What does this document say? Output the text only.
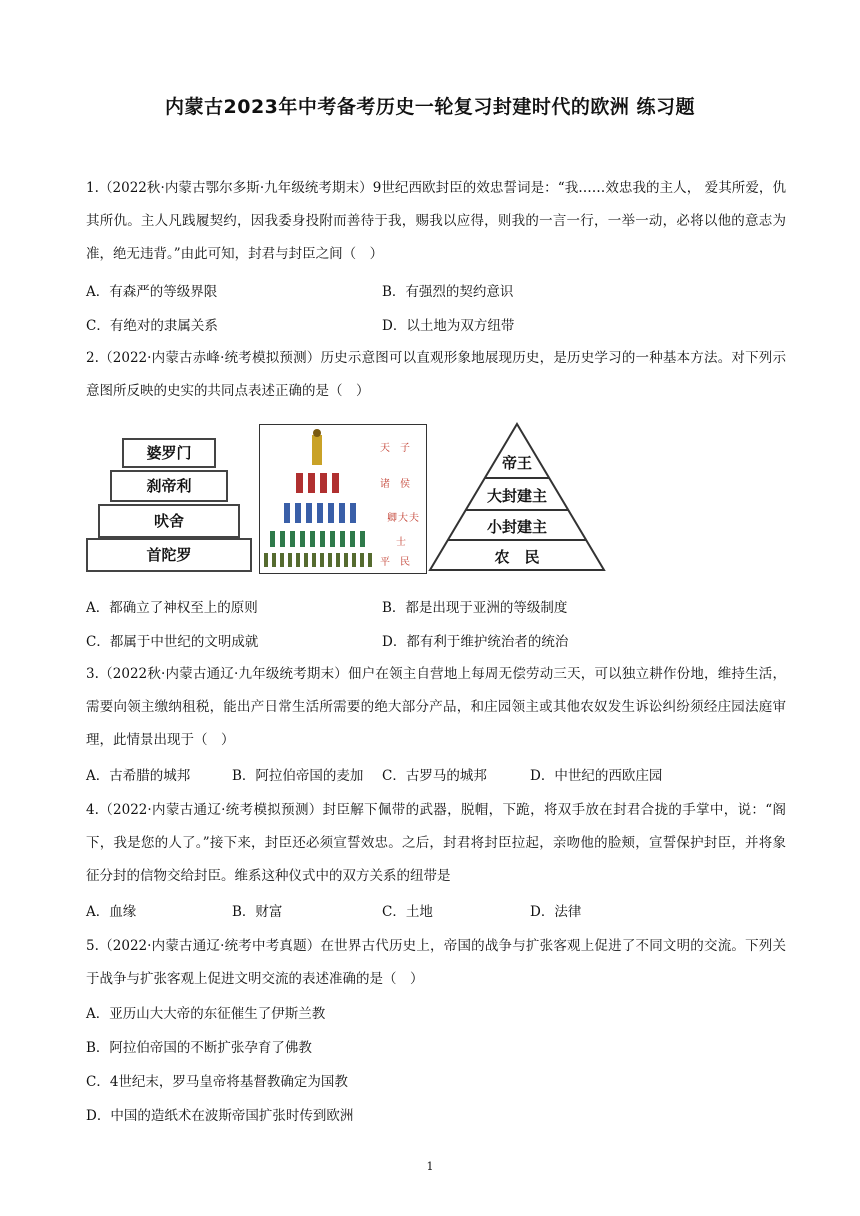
内蒙古2023年中考备考历史一轮复习封建时代的欧洲 练习题
1.（2022秋·内蒙古鄂尔多斯·九年级统考期末）9世纪西欧封臣的效忠誓词是：“我……效忠我的主人， 爱其所爱，仇其所仇。主人凡践履契约，因我委身投附而善待于我，赐我以应得，则我的一言一行，一举一动，必将以他的意志为准，绝无违背。”由此可知，封君与封臣之间（　）
A．有森严的等级界限	B．有强烈的契约意识
C．有绝对的隶属关系	D．以土地为双方纽带
2.（2022·内蒙古赤峰·统考模拟预测）历史示意图可以直观形象地展现历史，是历史学习的一种基本方法。对下列示意图所反映的史实的共同点表述正确的是（　）
婆罗门
刹帝利
吠舍
首陀罗
天子
诸侯
卿大夫
士
平民
帝王
大封建主
小封建主
农　民
A．都确立了神权至上的原则	B．都是出现于亚洲的等级制度
C．都属于中世纪的文明成就	D．都有利于维护统治者的统治
3.（2022秋·内蒙古通辽·九年级统考期末）佃户在领主自营地上每周无偿劳动三天，可以独立耕作份地，维持生活，需要向领主缴纳租税，能出产日常生活所需要的绝大部分产品，和庄园领主或其他农奴发生诉讼纠纷须经庄园法庭审理，此情景出现于（　）
A．古希腊的城邦	B．阿拉伯帝国的麦加 C．古罗马的城邦	D．中世纪的西欧庄园
4.（2022·内蒙古通辽·统考模拟预测）封臣解下佩带的武器，脱帽，下跪，将双手放在封君合拢的手掌中，说：“阁下，我是您的人了。”接下来，封臣还必须宣誓效忠。之后，封君将封臣拉起，亲吻他的脸颊，宣誓保护封臣，并将象征分封的信物交给封臣。维系这种仪式中的双方关系的纽带是
A．血缘	B．财富	C．土地	D．法律
5.（2022·内蒙古通辽·统考中考真题）在世界古代历史上，帝国的战争与扩张客观上促进了不同文明的交流。下列关于战争与扩张客观上促进文明交流的表述准确的是（　）
A．亚历山大大帝的东征催生了伊斯兰教
B．阿拉伯帝国的不断扩张孕育了佛教
C．4世纪末，罗马皇帝将基督教确定为国教
D．中国的造纸术在波斯帝国扩张时传到欧洲
1
